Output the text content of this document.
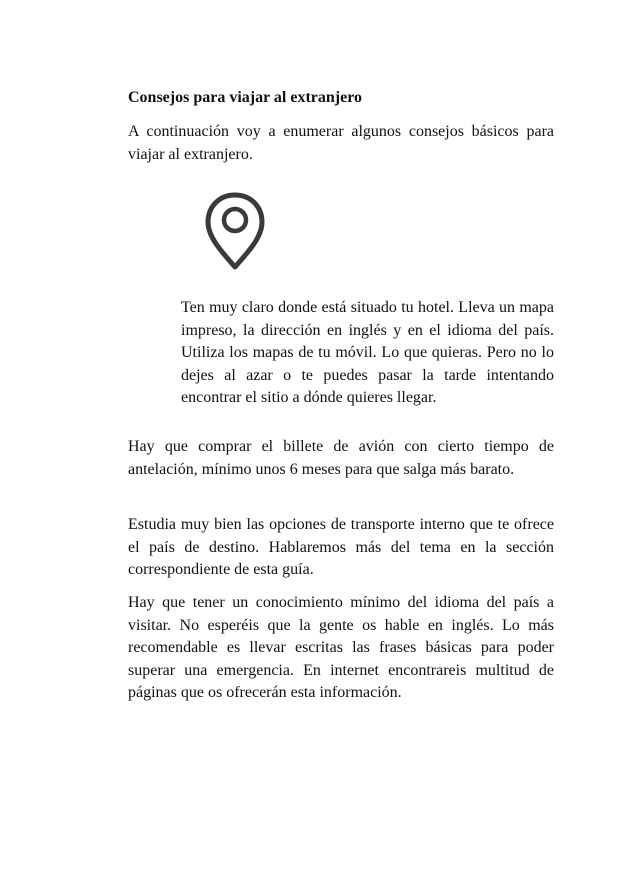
Consejos para viajar al extranjero

A continuación voy a enumerar algunos consejos básicos para viajar al extranjero.

Ten muy claro donde está situado tu hotel. Lleva un mapa impreso, la dirección en inglés y en el idioma del país. Utiliza los mapas de tu móvil. Lo que quieras. Pero no lo dejes al azar o te puedes pasar la tarde intentando encontrar el sitio a dónde quieres llegar.

Hay que comprar el billete de avión con cierto tiempo de antelación, mínimo unos 6 meses para que salga más barato.

Estudia muy bien las opciones de transporte interno que te ofrece el país de destino. Hablaremos más del tema en la sección correspondiente de esta guía.

Hay que tener un conocimiento mínimo del idioma del país a visitar. No esperéis que la gente os hable en inglés. Lo más recomendable es llevar escritas las frases básicas para poder superar una emergencia. En internet encontrareis multitud de páginas que os ofrecerán esta información.
